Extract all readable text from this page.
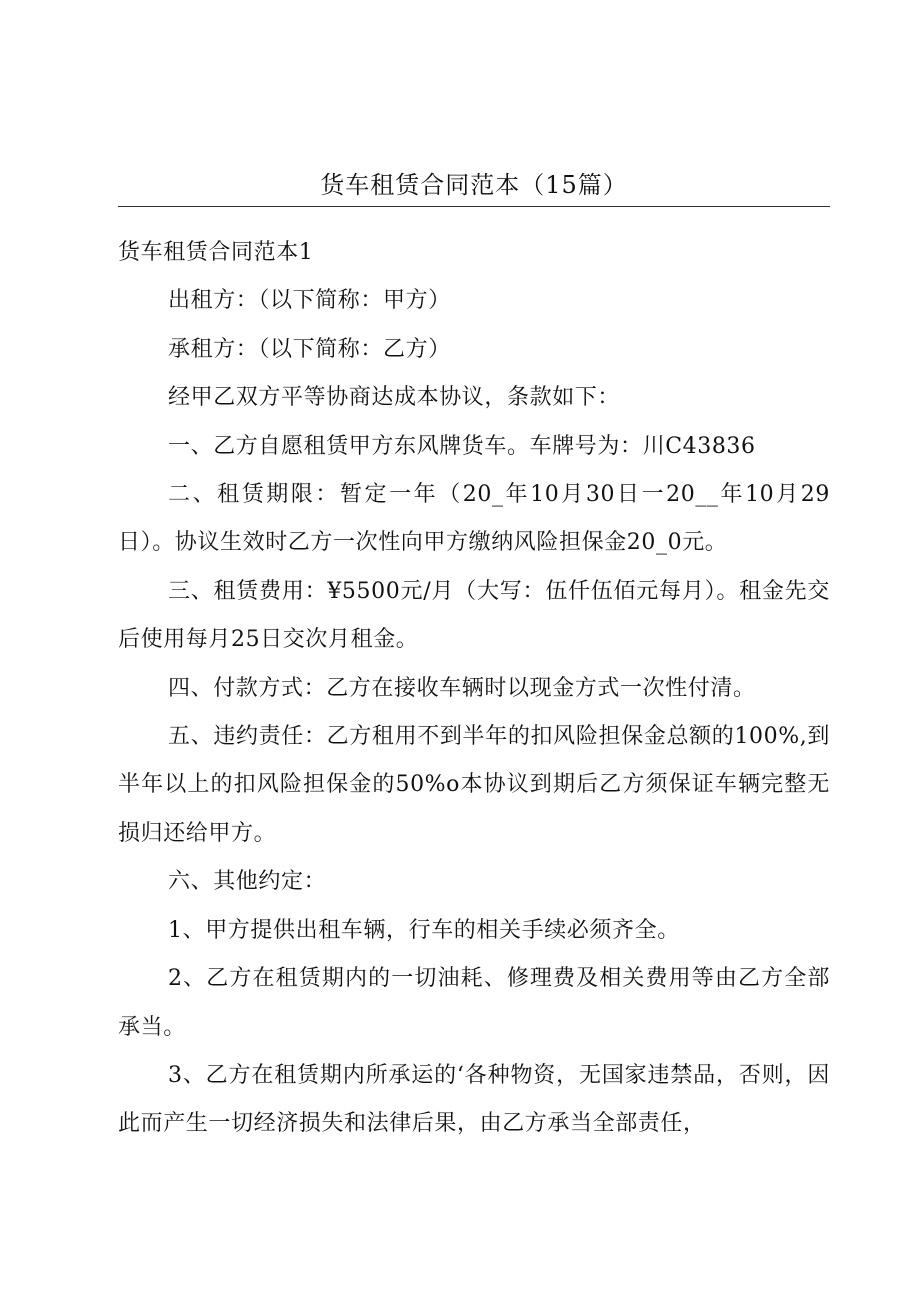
货车租赁合同范本（15篇）

货车租赁合同范本1

出租方：（以下简称：甲方）

承租方：（以下简称：乙方）

经甲乙双方平等协商达成本协议，条款如下：

一、乙方自愿租赁甲方东风牌货车。车牌号为：川C43836

二、租赁期限：暂定一年（20_年10月30日一20__年10月29日）。协议生效时乙方一次性向甲方缴纳风险担保金20_0元。

三、租赁费用：¥5500元/月（大写：伍仟伍佰元每月）。租金先交后使用每月25日交次月租金。

四、付款方式：乙方在接收车辆时以现金方式一次性付清。

五、违约责任：乙方租用不到半年的扣风险担保金总额的100%,到半年以上的扣风险担保金的50%o本协议到期后乙方须保证车辆完整无损归还给甲方。

六、其他约定：

1、甲方提供出租车辆，行车的相关手续必须齐全。

2、乙方在租赁期内的一切油耗、修理费及相关费用等由乙方全部承当。

3、乙方在租赁期内所承运的‘各种物资，无国家违禁品，否则，因此而产生一切经济损失和法律后果，由乙方承当全部责任，
